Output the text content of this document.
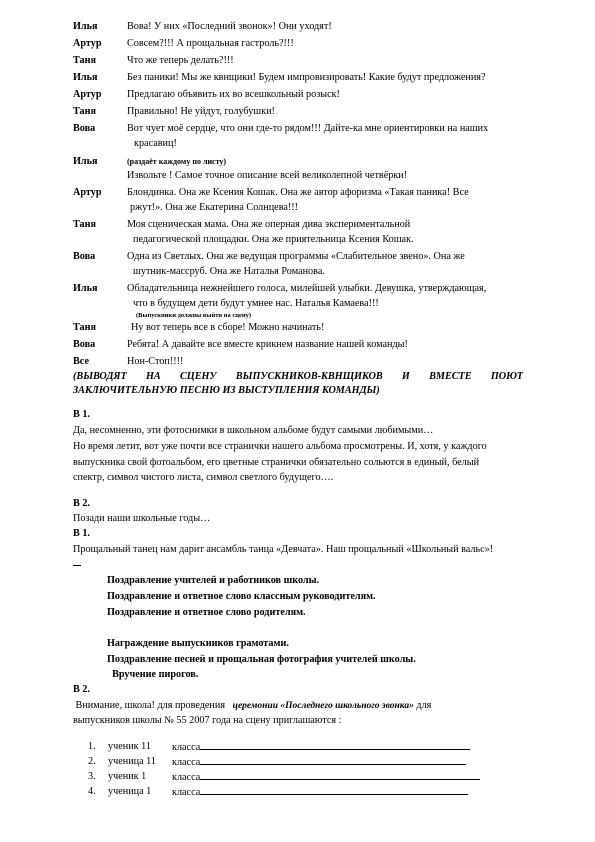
Илья	Вова! У них «Последний звонок»! Они уходят!
Артур Совсем?!!! А прощальная гастроль?!!!
Таня	Что же теперь делать?!!!
Илья	Без паники! Мы же квнщики! Будем импровизировать! Какие будут предложения?
Артур Предлагаю объявить их во всешкольный розыск!
Таня	Правильно! Не уйдут, голубушки!
Вова	Вот чует моё сердце, что они где-то рядом!!! Дайте-ка мне ориентировки на наших
красавиц!
Илья	(раздаёт каждому по листу)
Извольте ! Самое точное описание всей великолепной четвёрки!
Артур Блондинка. Она же Ксения Кошак. Она же автор афоризма «Такая паника! Все
ржут!». Она же Екатерина Солнцева!!!
Таня	Моя сценическая мама. Она же оперная дива экспериментальной
педагогической площадки. Она же приятельница Ксения Кошак.
Вова	Одна из Светлых. Она же ведущая программы «Слабительное звено». Она же
шутник-массруб. Она же Наталья Романова.
Илья	Обладательница нежнейшего голоса, милейшей улыбки. Девушка, утверждающая,
что в будущем дети будут умнее нас. Наталья Камаева!!!
(Выпускники должны выйти на сцену)
Таня	Ну вот теперь все в сборе! Можно начинать!
Вова	Ребята! А давайте все вместе крикнем название нашей команды!
Все	Нон-Стоп!!!!
(ВЫВОДЯТ НА СЦЕНУ ВЫПУСКНИКОВ-КВНЩИКОВ И ВМЕСТЕ ПОЮТ
ЗАКЛЮЧИТЕЛЬНУЮ ПЕСНЮ ИЗ ВЫСТУПЛЕНИЯ КОМАНДЫ)
В 1.
Да, несомненно, эти фотоснимки в школьном альбоме будут самыми любимыми…
Но время летит, вот уже почти все странички нашего альбома просмотрены. И, хотя, у каждого
выпускника свой фотоальбом, его цветные странички обязательно сольются в единый, белый
спектр, символ чистого листа, символ светлого будущего….
В 2.
Позади наши школьные годы…
В 1.
Прощальный танец нам дарит ансамбль танца «Девчата». Наш прощальный «Школьный вальс»!
Поздравление учителей и работников школы.
Поздравление и ответное слово классным руководителям.
Поздравление и ответное слово родителям.
Награждение выпускников грамотами.
Поздравление песней и прощальная фотография учителей школы.
Вручение пирогов.
В 2.
Внимание, школа! для проведения   церемонии «Последнего школьного звонка» для
выпускников школы № 55 2007 года на сцену приглашаются :
1. ученик 11 класса
2. ученица 11 класса
3. ученик 1	класса
4. ученица 1 класса
